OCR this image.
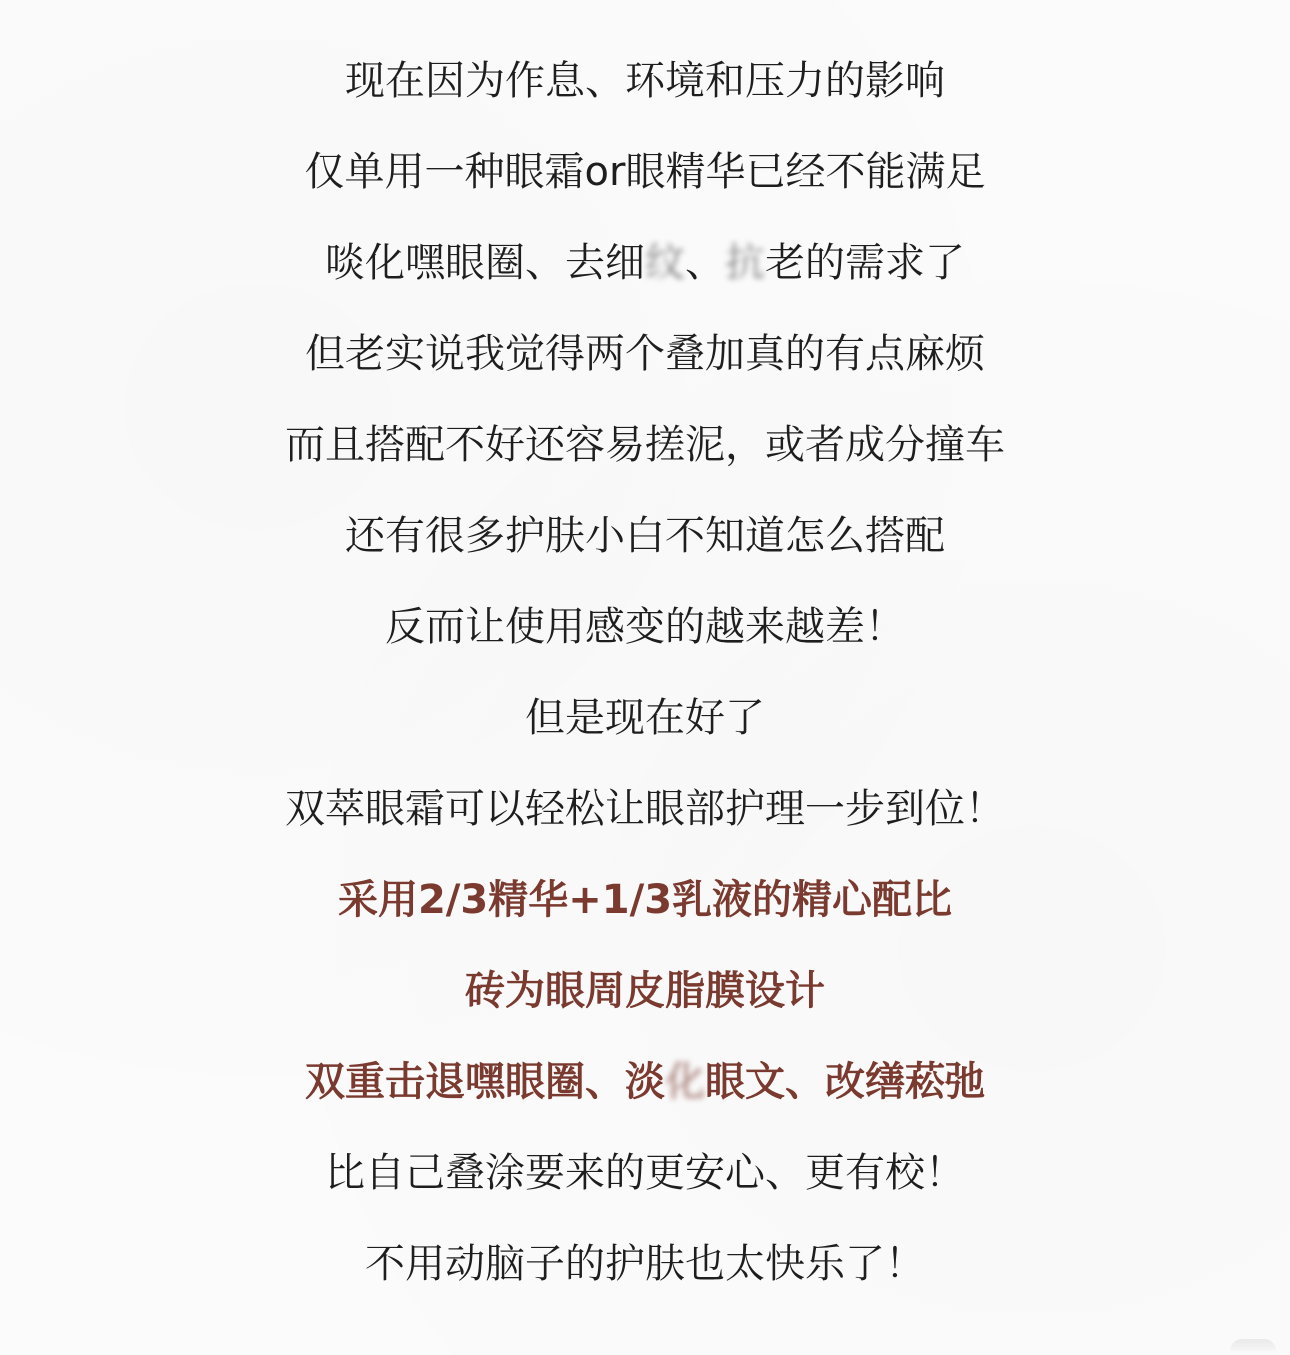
现在因为作息、环境和压力的影响
仅单用一种眼霜or眼精华已经不能满足
啖化嘿眼圈、去细纹、抗老的需求了
但老实说我觉得两个叠加真的有点麻烦
而且搭配不好还容易搓泥，或者成分撞车
还有很多护肤小白不知道怎么搭配
反而让使用感变的越来越差！
但是现在好了
双萃眼霜可以轻松让眼部护理一步到位！
采用2/3精华+1/3乳液的精心配比
砖为眼周皮脂膜设计
双重击退嘿眼圈、淡化眼文、改缮菘弛
比自己叠涂要来的更安心、更有校！
不用动脑子的护肤也太快乐了！
